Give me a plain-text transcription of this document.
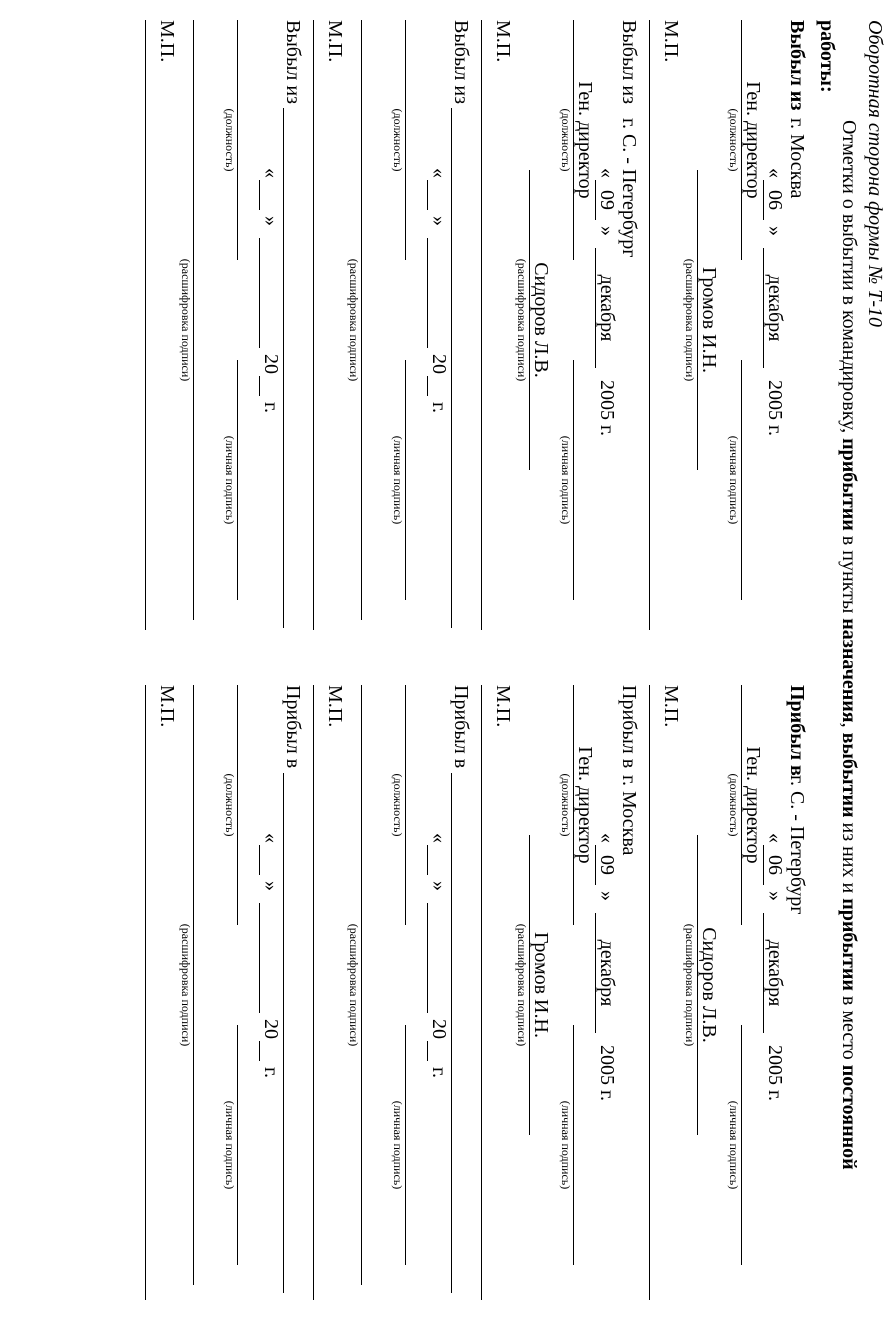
Оборотная сторона формы № Т-10
Отметки о выбытии в командировку, прибытии в пункты назначения, выбытии из них и прибытии в место постоянной
работы:
Выбыл из
г. Москва
«
06
»
декабря
2005 г.
Ген. директор
(должность)
(личная подпись)
Громов И.Н.
(расшифровка подписи)
М.П.
Выбыл из
г. С. - Петербург
«
09
»
декабря
2005 г.
Ген. директор
(должность)
(личная подпись)
Сидоров Л.В.
(расшифровка подписи)
М.П.
Выбыл из
«
»
20
г.
(должность)
(личная подпись)
(расшифровка подписи)
М.П.
Выбыл из
«
»
20
г.
(должность)
(личная подпись)
(расшифровка подписи)
М.П.
Прибыл в
г. С. - Петербург
«
06
»
декабря
2005 г.
Ген. директор
(должность)
(личная подпись)
Сидоров Л.В.
(расшифровка подписи)
М.П.
Прибыл в
г. Москва
«
09
»
декабря
2005 г.
Ген. директор
(должность)
(личная подпись)
Громов И.Н.
(расшифровка подписи)
М.П.
Прибыл в
«
»
20
г.
(должность)
(личная подпись)
(расшифровка подписи)
М.П.
Прибыл в
«
»
20
г.
(должность)
(личная подпись)
(расшифровка подписи)
М.П.
